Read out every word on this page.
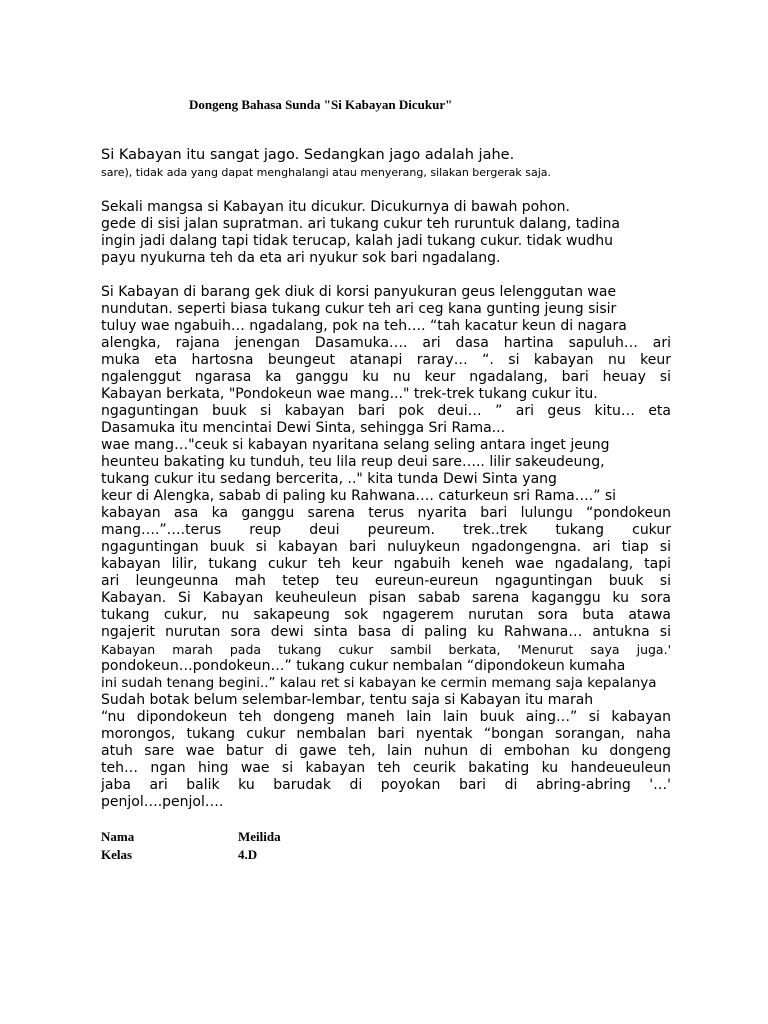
Dongeng Bahasa Sunda "Si Kabayan Dicukur"
Si Kabayan itu sangat jago. Sedangkan jago adalah jahe.
sare), tidak ada yang dapat menghalangi atau menyerang, silakan bergerak saja.
Sekali mangsa si Kabayan itu dicukur. Dicukurnya di bawah pohon.
gede di sisi jalan supratman. ari tukang cukur teh ruruntuk dalang, tadina
ingin jadi dalang tapi tidak terucap, kalah jadi tukang cukur. tidak wudhu
payu nyukurna teh da eta ari nyukur sok bari ngadalang.
Si Kabayan di barang gek diuk di korsi panyukuran geus lelenggutan wae
nundutan. seperti biasa tukang cukur teh ari ceg kana gunting jeung sisir
tuluy wae ngabuih… ngadalang, pok na teh…. “tah kacatur keun di nagara
alengka, rajana jenengan Dasamuka…. ari dasa hartina sapuluh… ari
muka eta hartosna beungeut atanapi raray… “. si kabayan nu keur
ngalenggut ngarasa ka ganggu ku nu keur ngadalang, bari heuay si
Kabayan berkata, "Pondokeun wae mang..." trek-trek tukang cukur itu.
ngaguntingan buuk si kabayan bari pok deui… ” ari geus kitu… eta
Dasamuka itu mencintai Dewi Sinta, sehingga Sri Rama...
wae mang…"ceuk si kabayan nyaritana selang seling antara inget jeung
heunteu bakating ku tunduh, teu lila reup deui sare….. lilir sakeudeung,
tukang cukur itu sedang bercerita, .." kita tunda Dewi Sinta yang
keur di Alengka, sabab di paling ku Rahwana…. caturkeun sri Rama….” si
kabayan asa ka ganggu sarena terus nyarita bari lulungu “pondokeun
mang….”….terus reup deui peureum. trek..trek tukang cukur
ngaguntingan buuk si kabayan bari nuluykeun ngadongengna. ari tiap si
kabayan lilir, tukang cukur teh keur ngabuih keneh wae ngadalang, tapi
ari leungeunna mah tetep teu eureun-eureun ngaguntingan buuk si
Kabayan. Si Kabayan keuheuleun pisan sabab sarena kaganggu ku sora
tukang cukur, nu sakapeung sok ngagerem nurutan sora buta atawa
ngajerit nurutan sora dewi sinta basa di paling ku Rahwana… antukna si
Kabayan marah pada tukang cukur sambil berkata, 'Menurut saya juga.'
pondokeun…pondokeun…” tukang cukur nembalan “dipondokeun kumaha
ini sudah tenang begini..” kalau ret si kabayan ke cermin memang saja kepalanya
Sudah botak belum selembar-lembar, tentu saja si Kabayan itu marah
“nu dipondokeun teh dongeng maneh lain lain buuk aing…” si kabayan
morongos, tukang cukur nembalan bari nyentak “bongan sorangan, naha
atuh sare wae batur di gawe teh, lain nuhun di embohan ku dongeng
teh… ngan hing wae si kabayan teh ceurik bakating ku handeueuleun
jaba ari balik ku barudak di poyokan bari di abring-abring '…'
penjol….penjol….
Nama	Meilida
Kelas	4.D
